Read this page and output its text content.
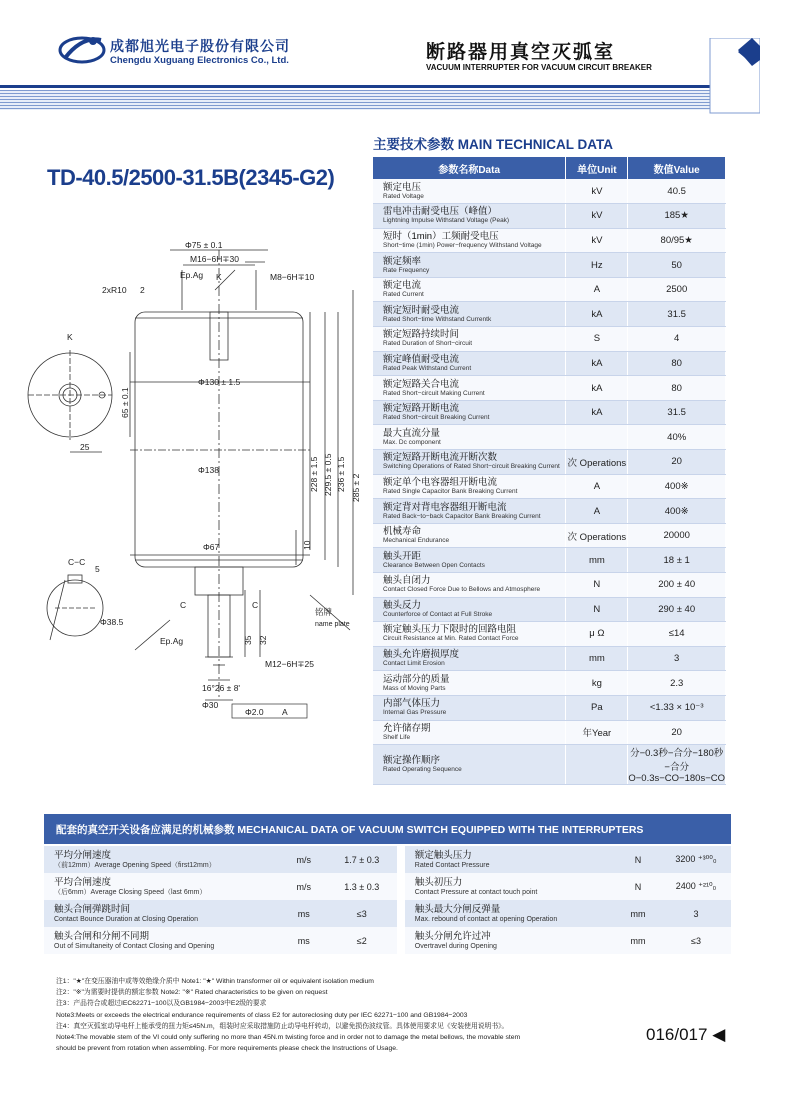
成都旭光电子股份有限公司
Chengdu Xuguang Electronics Co., Ltd.	断路器用真空灭弧室
VACUUM INTERRUPTER FOR VACUUM CIRCUIT BREAKER
TD-40.5/2500-31.5B(2345-G2)
Φ75 ± 0.1
M16−6H∓30
Ep.Ag	M8−6H∓10
2xR10 2
Φ130 ± 1.5
Φ138
Φ67
65 ± 0.1
25
228 ± 1.5 229.5 ± 0.5 236 ± 1.5 285 ± 2
10
铭牌
name plate
C−C
5
Φ38.5
Ep.Ag
M12−6H∓25
16°26 ± 8'
Φ30
35 32
K
K
C	C
A
Φ2.0
主要技术参数 MAIN TECHNICAL DATA
参数名称Data	单位Unit	数值Value

额定电压
Rated Voltage	kV	40.5

雷电冲击耐受电压（峰值）
Lightning Impulse Withstand Voltage (Peak)	kV	185★

短时（1min）工频耐受电压
Short−time (1min) Power−frequency Withstand Voltage	kV	80/95★

额定频率
Rate Frequency	Hz	50

额定电流
Rated Current	A	2500

额定短时耐受电流
Rated Short−time Withstand Currentk	kA	31.5

额定短路持续时间
Rated Duration of Short−circuit	S	4

额定峰值耐受电流
Rated Peak Withstand Current	kA	80

额定短路关合电流
Rated Short−circuit Making Current	kA	80

额定短路开断电流
Rated Short−circuit Breaking Current	kA	31.5

最大直流分量
Max. Dc component		40%

额定短路开断电流开断次数
Switching Operations of Rated Short−circuit Breaking Current	次 Operations	20

额定单个电容器组开断电流
Rated Single Capacitor Bank Breaking Current	A	400※

额定背对背电容器组开断电流
Rated Back−to−back Capacitor Bank Breaking Current	A	400※

机械寿命
Mechanical Endurance	次 Operations	20000

触头开距
Clearance Between Open Contacts	mm	18 ± 1

触头自闭力
Contact Closed Force Due to Bellows and Atmosphere	N	200 ± 40

触头反力
Counterforce of Contact at Full Stroke	N	290 ± 40

额定触头压力下限时的回路电阻
Circuit Resistance at Min. Rated Contact Force	μ Ω	≤14

触头允许磨损厚度
Contact Limit Erosion	mm	3

运动部分的质量
Mass of Moving Parts	kg	2.3

内部气体压力
Internal Gas Pressure	Pa	<1.33 × 10⁻³

允许储存期
Shelf Life	年Year	20

额定操作顺序
Rated Operating Sequence		分−0.3秒−合分−180秒−合分 O−0.3s−CO−180s−CO
配套的真空开关设备应满足的机械参数 MECHANICAL DATA OF VACUUM SWITCH EQUIPPED WITH THE INTERRUPTERS
平均分闸速度
（前12mm）Average Opening Speed（first12mm）	m/s	1.7 ± 0.3		额定触头压力
Rated Contact Pressure	N	3200 ⁺³⁰⁰₀

平均合闸速度
（后6mm）Average Closing Speed（last 6mm）	m/s	1.3 ± 0.3		触头初压力
Contact Pressure at contact touch point	N	2400 ⁺²¹⁰₀

触头合闸弹跳时间
Contact Bounce Duration at Closing Operation	ms	≤3		触头最大分闸反弹量
Max. rebound of contact at opening Operation	mm	3

触头合闸和分闸不同期
Out of Simultaneity of Contact Closing and Opening	ms	≤2		触头分闸允许过冲
Overtravel during Opening	mm	≤3
注1："★"在变压器油中或等效绝缘介质中 Note1: "★" Within transformer oil or equivalent isolation medium
注2："※"为需要时提供的额定参数 Note2: "※" Rated characteristics to be given on request
注3：产品符合或超过IEC62271−100以及GB1984−2003中E2级的要求
Note3:Meets or exceeds the electrical endurance requirements of class E2 for autoreclosing duty per IEC 62271−100 and GB1984−2003
注4：真空灭弧室动导电杆上能承受的扭力矩≤45N.m，组装时应采取措施防止动导电杆转动，以避免损伤波纹管。具体使用要求见《安装使用说明书》。
Note4:The movable stem of the VI could only suffering no more than 45N.m twisting force and in order not to damage the metal bellows, the movable stem
should be prevent from rotation when assembling. For more requirements please check the Instructions of Usage.
016/017 ◀
